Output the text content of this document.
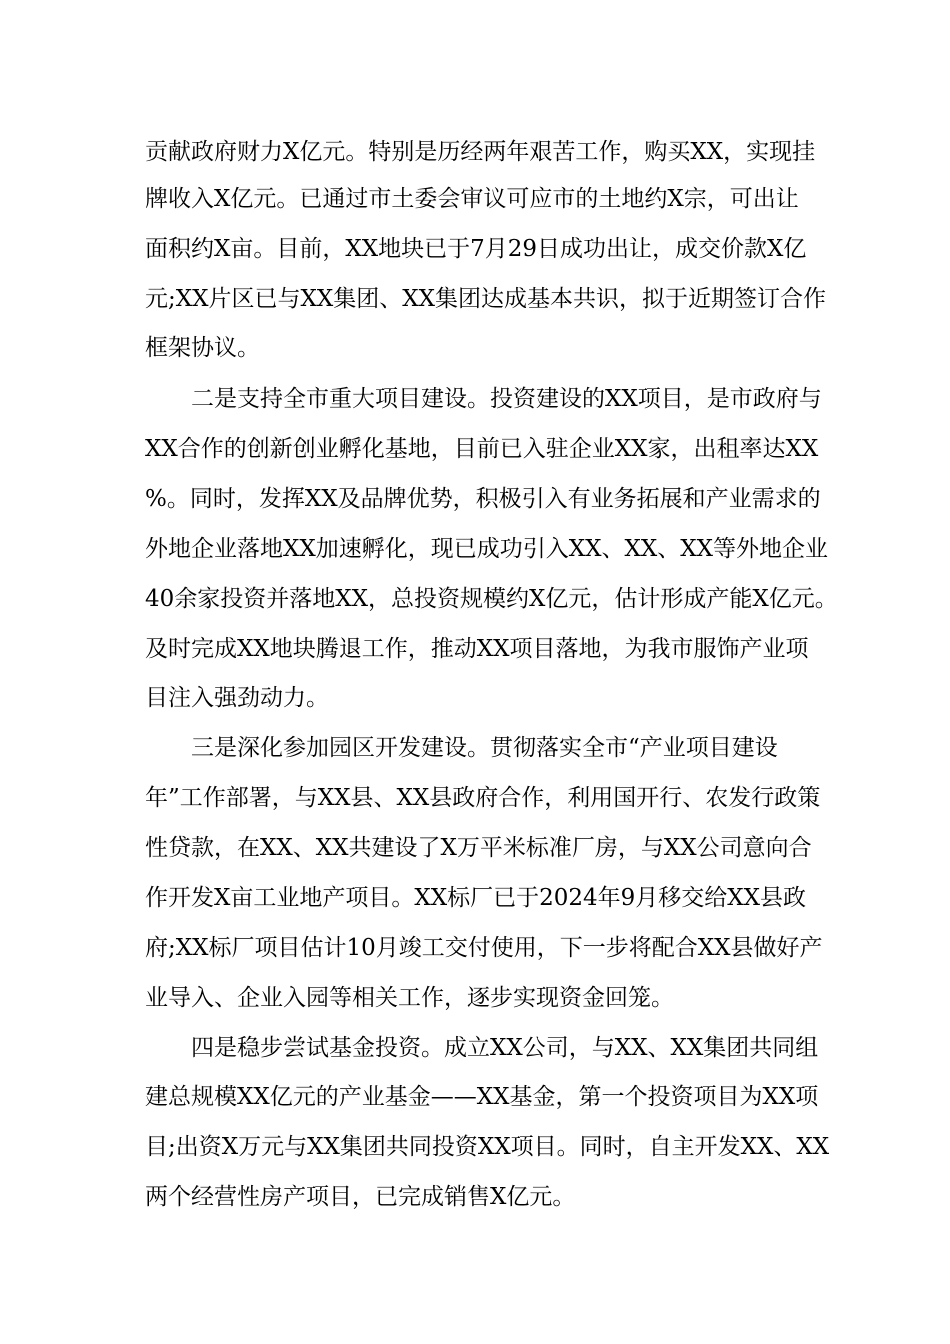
贡献政府财力X亿元。特别是历经两年艰苦工作，购买XX，实现挂
牌收入X亿元。已通过市土委会审议可应市的土地约X宗，可出让
面积约X亩。目前，XX地块已于7月29日成功出让，成交价款X亿
元;XX片区已与XX集团、XX集团达成基本共识，拟于近期签订合作
框架协议。
二是支持全市重大项目建设。投资建设的XX项目，是市政府与
XX合作的创新创业孵化基地，目前已入驻企业XX家，出租率达XX
%。同时，发挥XX及品牌优势，积极引入有业务拓展和产业需求的
外地企业落地XX加速孵化，现已成功引入XX、XX、XX等外地企业
40余家投资并落地XX，总投资规模约X亿元，估计形成产能X亿元。
及时完成XX地块腾退工作，推动XX项目落地，为我市服饰产业项
目注入强劲动力。
三是深化参加园区开发建设。贯彻落实全市“产业项目建设
年”工作部署，与XX县、XX县政府合作，利用国开行、农发行政策
性贷款，在XX、XX共建设了X万平米标准厂房，与XX公司意向合
作开发X亩工业地产项目。XX标厂已于2024年9月移交给XX县政
府;XX标厂项目估计10月竣工交付使用，下一步将配合XX县做好产
业导入、企业入园等相关工作，逐步实现资金回笼。
四是稳步尝试基金投资。成立XX公司，与XX、XX集团共同组
建总规模XX亿元的产业基金——XX基金，第一个投资项目为XX项
目;出资X万元与XX集团共同投资XX项目。同时，自主开发XX、XX
两个经营性房产项目，已完成销售X亿元。
